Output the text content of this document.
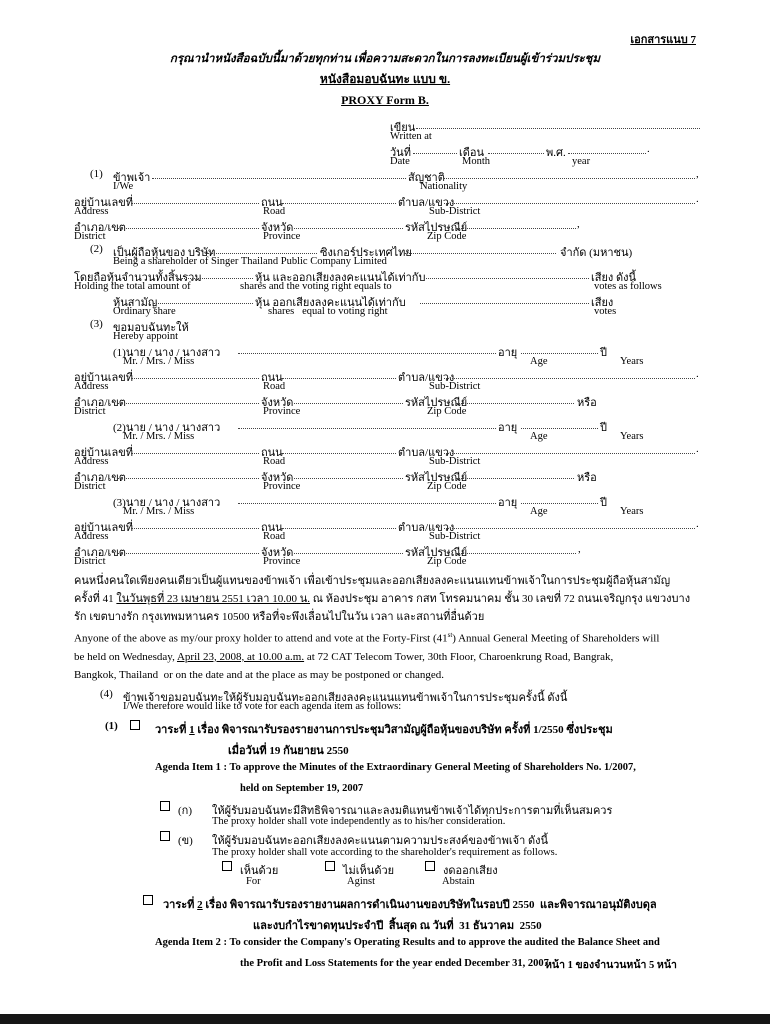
เอกสารแนบ 7
กรุณานำหนังสือฉบับนี้มาด้วยทุกท่าน เพื่อความสะดวกในการลงทะเบียนผู้เข้าร่วมประชุม
หนังสือมอบฉันทะ แบบ ข.
PROXY Form B.
เขียน
Written at
วันที่	เดือน	พ.ศ.	.
Date	Month	year
(1) ข้าพเจ้า	สัญชาติ	,
I/We	Nationality
อยู่บ้านเลขที่	ถนน	ตำบล/แขวง	.
Address	Road	Sub-District
อำเภอ/เขต	จังหวัด	รหัสไปรษณีย์	,
District	Province	Zip Code
(2) เป็นผู้ถือหุ้นของ บริษัท	ซิงเกอร์ประเทศไทย	จำกัด (มหาชน)
Being a shareholder of Singer Thailand Public Company Limited
โดยถือหุ้นจำนวนทั้งสิ้นรวม	หุ้น และออกเสียงลงคะแนนได้เท่ากับ	เสียง ดังนี้
Holding the total amount of	shares and the voting right equals to	votes as follows
หุ้นสามัญ	หุ้น ออกเสียงลงคะแนนได้เท่ากับ	เสียง
Ordinary share	shares   equal to voting right	votes
(3) ขอมอบฉันทะให้
Hereby appoint
(1)นาย / นาง / นางสาว	อายุ	ปี
Mr. / Mrs. / Miss	Age	Years
อยู่บ้านเลขที่	ถนน	ตำบล/แขวง	.
Address	Road	Sub-District
อำเภอ/เขต	จังหวัด	รหัสไปรษณีย์	หรือ
District	Province	Zip Code
(2)นาย / นาง / นางสาว	อายุ	ปี
Mr. / Mrs. / Miss	Age	Years
อยู่บ้านเลขที่	ถนน	ตำบล/แขวง	.
Address	Road	Sub-District
อำเภอ/เขต	จังหวัด	รหัสไปรษณีย์	หรือ
District	Province	Zip Code
(3)นาย / นาง / นางสาว	อายุ	ปี
Mr. / Mrs. / Miss	Age	Years
อยู่บ้านเลขที่	ถนน	ตำบล/แขวง	.
Address	Road	Sub-District
อำเภอ/เขต	จังหวัด	รหัสไปรษณีย์	,
District	Province	Zip Code
คนหนึ่งคนใดเพียงคนเดียวเป็นผู้แทนของข้าพเจ้า เพื่อเข้าประชุมและออกเสียงลงคะแนนแทนข้าพเจ้าในการประชุมผู้ถือหุ้นสามัญ
ครั้งที่ 41 ในวันพุธที่ 23 เมษายน 2551 เวลา 10.00 น. ณ ห้องประชุม อาคาร กสท โทรคมนาคม ชั้น 30 เลขที่ 72 ถนนเจริญกรุง แขวงบาง
รัก เขตบางรัก กรุงเทพมหานคร 10500 หรือที่จะพึงเลื่อนไปในวัน เวลา และสถานที่อื่นด้วย
Anyone of the above as my/our proxy holder to attend and vote at the Forty-First (41st) Annual General Meeting of Shareholders will
be held on Wednesday, April 23, 2008, at 10.00 a.m. at 72 CAT Telecom Tower, 30th Floor, Charoenkrung Road, Bangrak,
Bangkok, Thailand  or on the date and at the place as may be postponed or changed.
(4) ข้าพเจ้าขอมอบฉันทะให้ผู้รับมอบฉันทะออกเสียงลงคะแนนแทนข้าพเจ้าในการประชุมครั้งนี้ ดังนี้
I/We therefore would like to vote for each agenda item as follows:
(1)	วาระที่ 1 เรื่อง พิจารณารับรองรายงานการประชุมวิสามัญผู้ถือหุ้นของบริษัท ครั้งที่ 1/2550 ซึ่งประชุม
เมื่อวันที่ 19 กันยายน 2550
Agenda Item 1 : To approve the Minutes of the Extraordinary General Meeting of Shareholders No. 1/2007,
held on September 19, 2007
(ก) ให้ผู้รับมอบฉันทะมีสิทธิพิจารณาและลงมติแทนข้าพเจ้าได้ทุกประการตามที่เห็นสมควร
The proxy holder shall vote independently as to his/her consideration.
(ข) ให้ผู้รับมอบฉันทะออกเสียงลงคะแนนตามความประสงค์ของข้าพเจ้า ดังนี้
The proxy holder shall vote according to the shareholder's requirement as follows.
เห็นด้วย	ไม่เห็นด้วย	งดออกเสียง
For	Aginst	Abstain
วาระที่ 2 เรื่อง พิจารณารับรองรายงานผลการดำเนินงานของบริษัทในรอบปี 2550  และพิจารณาอนุมัติงบดุล
และงบกำไรขาดทุนประจำปี  สิ้นสุด ณ วันที่  31 ธันวาคม  2550
Agenda Item 2 : To consider the Company's Operating Results and to approve the audited the Balance Sheet and
the Profit and Loss Statements for the year ended December 31, 2007
หน้า 1 ของจำนวนหน้า 5 หน้า
